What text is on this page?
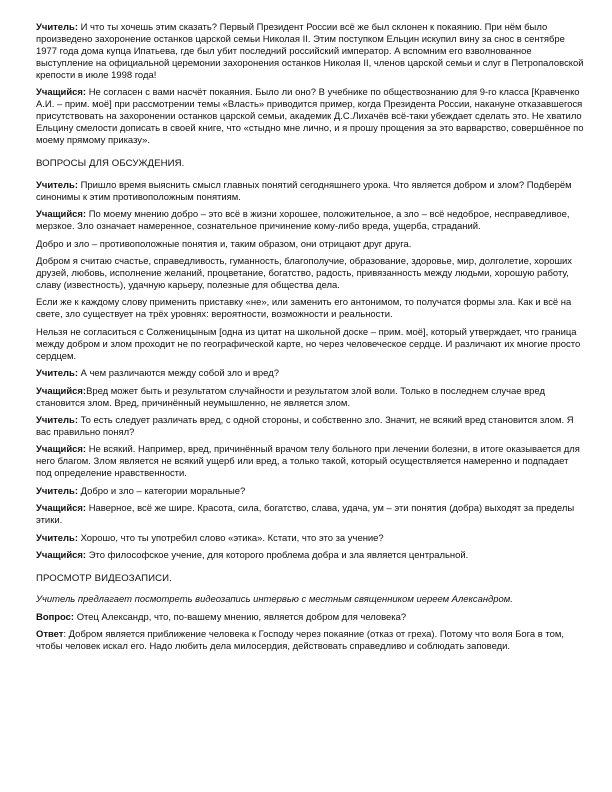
Учитель: И что ты хочешь этим сказать? Первый Президент России всё же был склонен к покаянию. При нём было произведено захоронение останков царской семьи Николая II. Этим поступком Ельцин искупил вину за снос в сентябре 1977 года дома купца Ипатьева, где был убит последний российский император. А вспомним его взволнованное выступление на официальной церемонии захоронения останков Николая II, членов царской семьи и слуг в Петропаловской крепости в июле 1998 года!

Учащийся: Не согласен с вами насчёт покаяния. Было ли оно? В учебнике по обществознанию для 9-го класса [Кравченко А.И. – прим. моё] при рассмотрении темы «Власть» приводится пример, когда Президента России, накануне отказавшегося присутствовать на захоронении останков царской семьи, академик Д.С.Лихачёв всё-таки убеждает сделать это. Не хватило Ельцину смелости дописать в своей книге, что «стыдно мне лично, и я прошу прощения за это варварство, совершённое по моему прямому приказу».

ВОПРОСЫ ДЛЯ ОБСУЖДЕНИЯ.

Учитель: Пришло время выяснить смысл главных понятий сегодняшнего урока. Что является добром и злом? Подберём синонимы к этим противоположным понятиям.

Учащийся: По моему мнению добро – это всё в жизни хорошее, положительное, а зло – всё недоброе, несправедливое, мерзкое. Зло означает намеренное, сознательное причинение кому-либо вреда, ущерба, страданий.

Добро и зло – противоположные понятия и, таким образом, они отрицают друг друга.

Добром я считаю счастье, справедливость, гуманность, благополучие, образование, здоровье, мир, долголетие, хороших друзей, любовь, исполнение желаний, процветание, богатство, радость, привязанность между людьми, хорошую работу, славу (известность), удачную карьеру, полезные для общества дела.

Если же к каждому слову применить приставку «не», или заменить его антонимом, то получатся формы зла. Как и всё на свете, зло существует на трёх уровнях: вероятности, возможности и реальности.

Нельзя не согласиться с Солженицыным [одна из цитат на школьной доске – прим. моё], который утверждает, что граница между добром и злом проходит не по географической карте, но через человеческое сердце. И различают их многие просто сердцем.

Учитель: А чем различаются между собой зло и вред?

Учащийся:Вред может быть и результатом случайности и результатом злой воли. Только в последнем случае вред становится злом. Вред, причинённый неумышленно, не является злом.

Учитель: То есть следует различать вред, с одной стороны, и собственно зло. Значит, не всякий вред становится злом. Я вас правильно понял?

Учащийся: Не всякий. Например, вред, причинённый врачом телу больного при лечении болезни, в итоге оказывается для него благом. Злом является не всякий ущерб или вред, а только такой, который осуществляется намеренно и подпадает под определение нравственности.

Учитель: Добро и зло – категории моральные?

Учащийся: Наверное, всё же шире. Красота, сила, богатство, слава, удача, ум – эти понятия (добра) выходят за пределы этики.

Учитель: Хорошо, что ты употребил слово «этика». Кстати, что это за учение?

Учащийся: Это философское учение, для которого проблема добра и зла является центральной.

ПРОСМОТР ВИДЕОЗАПИСИ.

Учитель предлагает посмотреть видеозапись интервью с местным священником иереем Александром.

Вопрос: Отец Александр, что, по-вашему мнению, является добром для человека?

Ответ: Добром является приближение человека к Господу через покаяние (отказ от греха). Потому что воля Бога в том, чтобы человек искал его. Надо любить дела милосердия, действовать справедливо и соблюдать заповеди.
